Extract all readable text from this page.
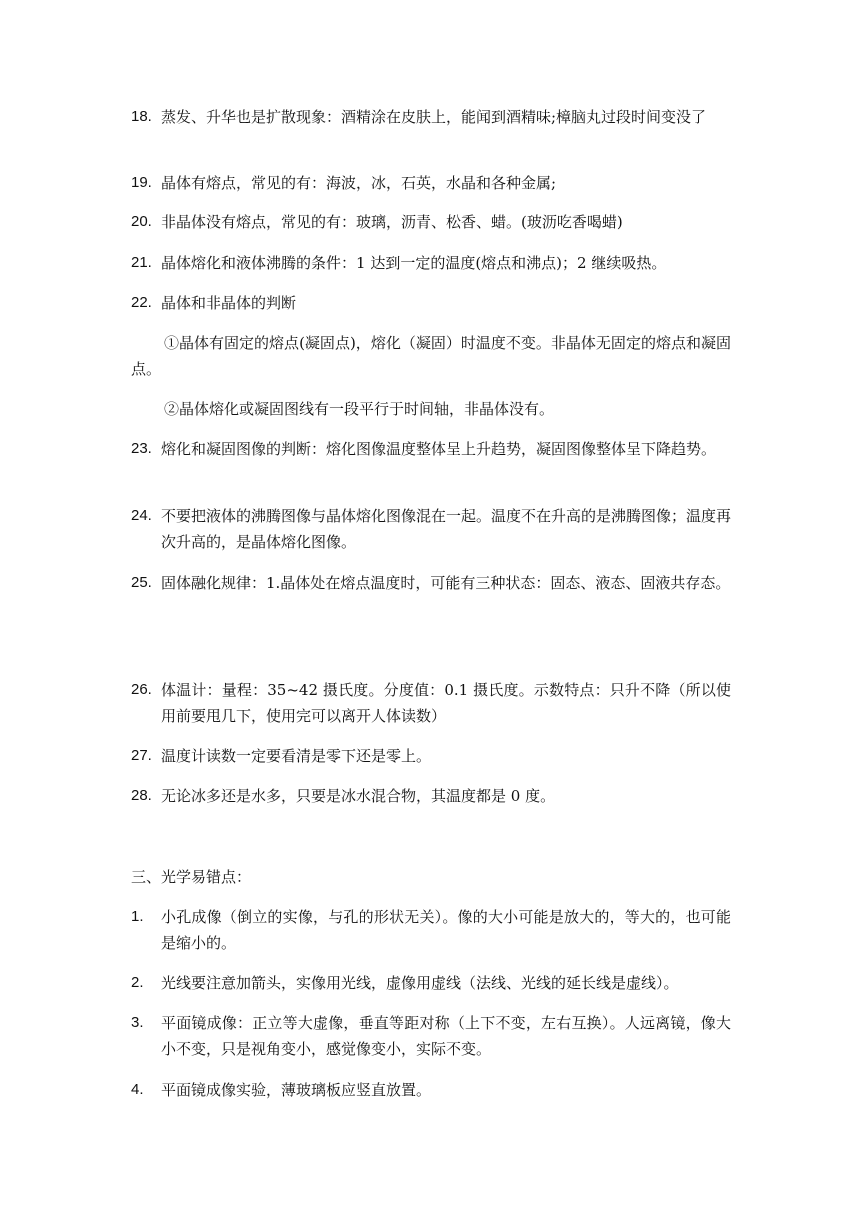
18. 蒸发、升华也是扩散现象：酒精涂在皮肤上，能闻到酒精味;樟脑丸过段时间变没了
19. 晶体有熔点，常见的有：海波，冰，石英，水晶和各种金属;
20. 非晶体没有熔点，常见的有：玻璃，沥青、松香、蜡。(玻沥吃香喝蜡)
21. 晶体熔化和液体沸腾的条件：1 达到一定的温度(熔点和沸点)；2 继续吸热。
22. 晶体和非晶体的判断
①晶体有固定的熔点(凝固点)，熔化（凝固）时温度不变。非晶体无固定的熔点和凝固点。
②晶体熔化或凝固图线有一段平行于时间轴，非晶体没有。
23. 熔化和凝固图像的判断：熔化图像温度整体呈上升趋势，凝固图像整体呈下降趋势。
24. 不要把液体的沸腾图像与晶体熔化图像混在一起。温度不在升高的是沸腾图像；温度再次升高的，是晶体熔化图像。
25. 固体融化规律：1.晶体处在熔点温度时，可能有三种状态：固态、液态、固液共存态。
26. 体温计：量程：35~42 摄氏度。分度值：0.1 摄氏度。示数特点：只升不降（所以使用前要甩几下，使用完可以离开人体读数）
27. 温度计读数一定要看清是零下还是零上。
28. 无论冰多还是水多，只要是冰水混合物，其温度都是 0 度。
三、光学易错点：
1. 小孔成像（倒立的实像，与孔的形状无关）。像的大小可能是放大的，等大的，也可能是缩小的。
2. 光线要注意加箭头，实像用光线，虚像用虚线（法线、光线的延长线是虚线）。
3. 平面镜成像：正立等大虚像，垂直等距对称（上下不变，左右互换）。人远离镜，像大小不变，只是视角变小，感觉像变小，实际不变。
4. 平面镜成像实验，薄玻璃板应竖直放置。
